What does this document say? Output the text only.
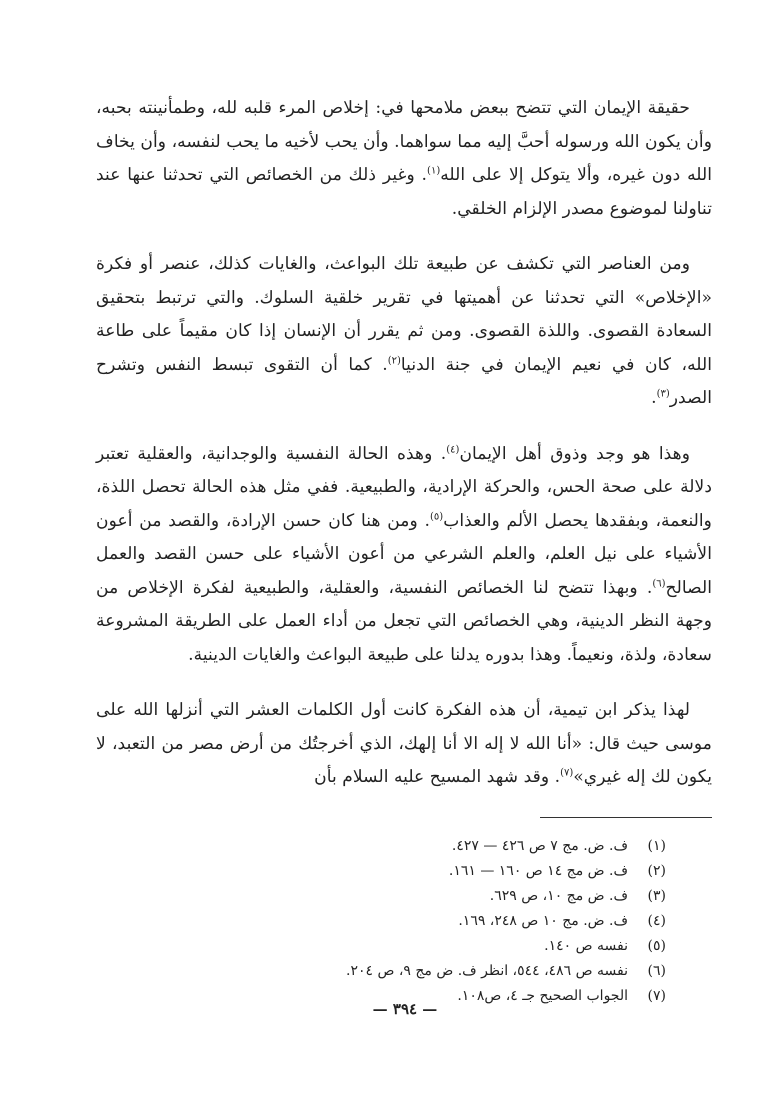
حقيقة الإيمان التي تتضح ببعض ملامحها في: إخلاص المرء قلبه لله، وطمأنينته بحبه، وأن يكون الله ورسوله أحبَّ إليه مما سواهما. وأن يحب لأخيه ما يحب لنفسه، وأن يخاف الله دون غيره، وألا يتوكل إلا على الله$^{(١)}$. وغير ذلك من الخصائص التي تحدثنا عنها عند تناولنا لموضوع مصدر الإلزام الخلقي.

ومن العناصر التي تكشف عن طبيعة تلك البواعث، والغايات كذلك، عنصر أو فكرة «الإخلاص» التي تحدثنا عن أهميتها في تقرير خلقية السلوك. والتي ترتبط بتحقيق السعادة القصوى. واللذة القصوى. ومن ثم يقرر أن الإنسان إذا كان مقيماً على طاعة الله، كان في نعيم الإيمان في جنة الدنيا$^{(٢)}$. كما أن التقوى تبسط النفس وتشرح الصدر$^{(٣)}$.

وهذا هو وجد وذوق أهل الإيمان$^{(٤)}$. وهذه الحالة النفسية والوجدانية، والعقلية تعتبر دلالة على صحة الحس، والحركة الإرادية، والطبيعية. ففي مثل هذه الحالة تحصل اللذة، والنعمة، وبفقدها يحصل الألم والعذاب$^{(٥)}$. ومن هنا كان حسن الإرادة، والقصد من أعون الأشياء على نيل العلم، والعلم الشرعي من أعون الأشياء على حسن القصد والعمل الصالح$^{(٦)}$. وبهذا تتضح لنا الخصائص النفسية، والعقلية، والطبيعية لفكرة الإخلاص من وجهة النظر الدينية، وهي الخصائص التي تجعل من أداء العمل على الطريقة المشروعة سعادة، ولذة، ونعيماً. وهذا بدوره يدلنا على طبيعة البواعث والغايات الدينية.

لهذا يذكر ابن تيمية، أن هذه الفكرة كانت أول الكلمات العشر التي أنزلها الله على موسى حيث قال: «أنا الله لا إله الا أنا إلهك، الذي أخرجتُك من أرض مصر من التعبد، لا يكون لك إله غيري»$^{(٧)}$. وقد شهد المسيح عليه السلام بأن

(١)
ف. ض. مج ٧ ص ٤٢٦ — ٤٢٧.
(٢)
ف. ض مج ١٤ ص ١٦٠ — ١٦١.
(٣)
ف. ض مج ١٠، ص ٦٢٩.
(٤)
ف. ض. مج ١٠ ص ٢٤٨، ١٦٩.
(٥)
نفسه ص ١٤٠.
(٦)
نفسه ص ٤٨٦، ٥٤٤، انظر ف. ض مج ٩، ص ٢٠٤.
(٧)
الجواب الصحيح جـ ٤، ص١٠٨.
— ٣٩٤ —
